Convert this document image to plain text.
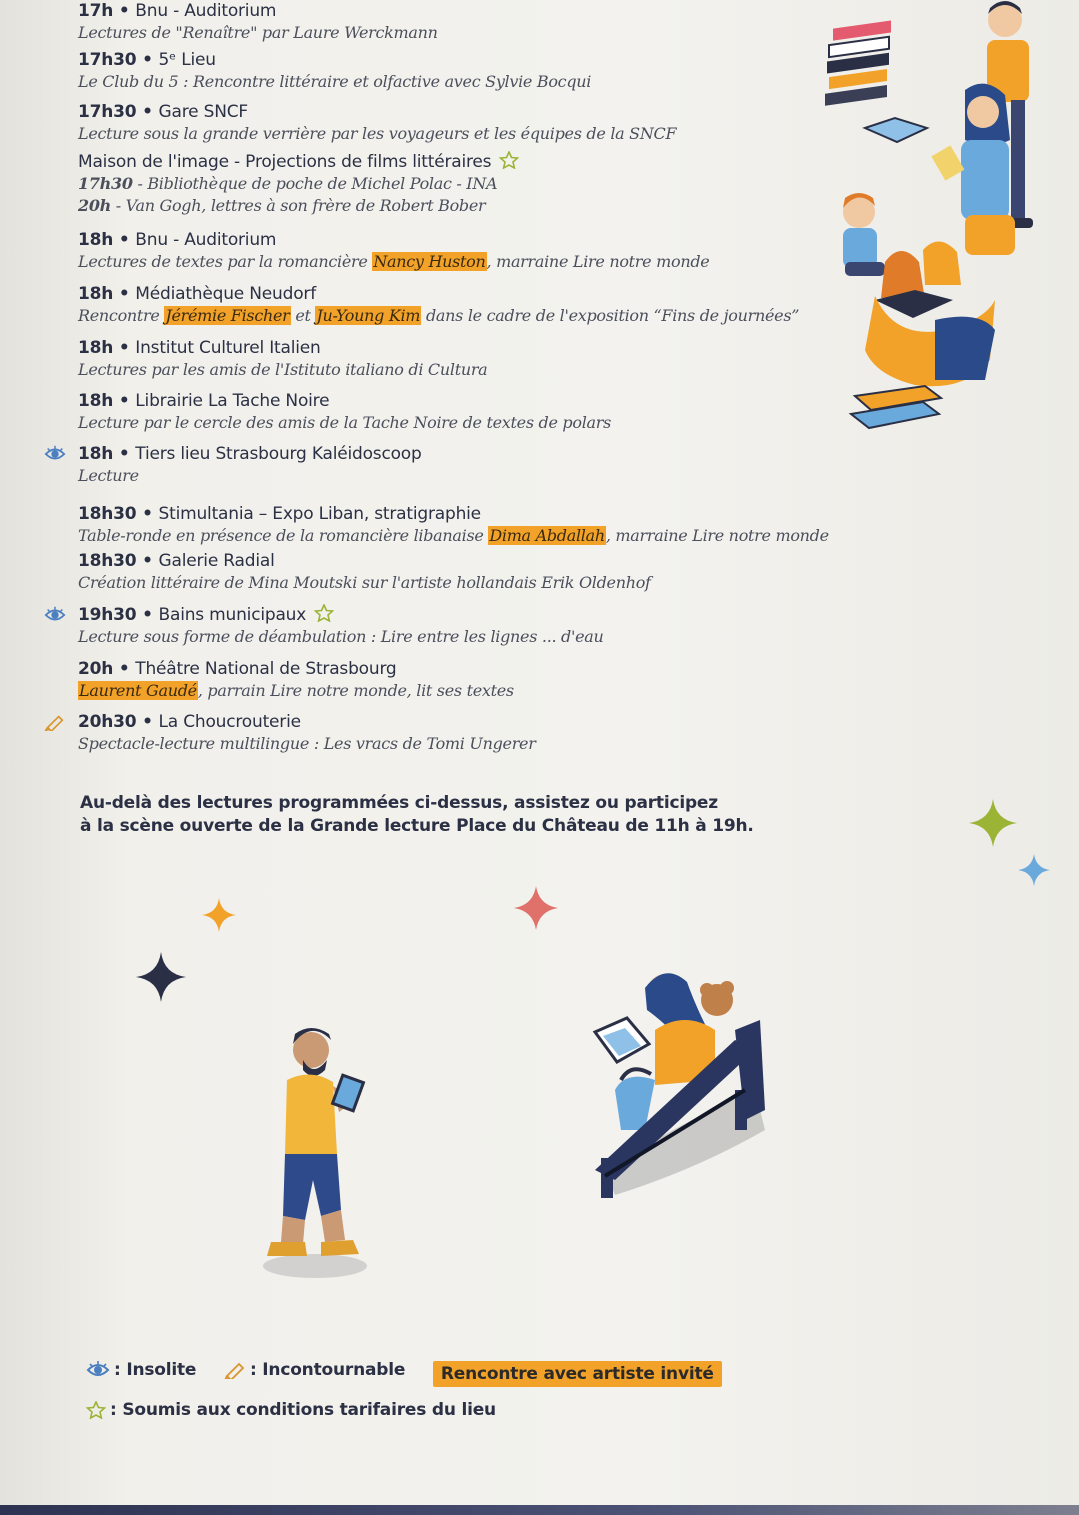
17h • Bnu - Auditorium
Lectures de "Renaître" par Laure Werckmann
17h30 • 5ᵉ Lieu
Le Club du 5 : Rencontre littéraire et olfactive avec Sylvie Bocqui
17h30 • Gare SNCF
Lecture sous la grande verrière par les voyageurs et les équipes de la SNCF
Maison de l'image - Projections de films littéraires
17h30 - Bibliothèque de poche de Michel Polac - INA
20h - Van Gogh, lettres à son frère de Robert Bober
18h • Bnu - Auditorium
Lectures de textes par la romancière Nancy Huston, marraine Lire notre monde
18h • Médiathèque Neudorf
Rencontre Jérémie Fischer et Ju-Young Kim dans le cadre de l'exposition “Fins de journées”
18h • Institut Culturel Italien
Lectures par les amis de l'Istituto italiano di Cultura
18h • Librairie La Tache Noire
Lecture par le cercle des amis de la Tache Noire de textes de polars
18h • Tiers lieu Strasbourg Kaléidoscoop
Lecture
18h30 • Stimultania – Expo Liban, stratigraphie
Table-ronde en présence de la romancière libanaise Dima Abdallah, marraine Lire notre monde
18h30 • Galerie Radial
Création littéraire de Mina Moutski sur l'artiste hollandais Erik Oldenhof
19h30 • Bains municipaux
Lecture sous forme de déambulation : Lire entre les lignes ... d'eau
20h • Théâtre National de Strasbourg
Laurent Gaudé, parrain Lire notre monde, lit ses textes
20h30 • La Choucrouterie
Spectacle-lecture multilingue : Les vracs de Tomi Ungerer
Au-delà des lectures programmées ci-dessus, assistez ou participez
à la scène ouverte de la Grande lecture Place du Château de 11h à 19h.
: Insolite
	: Incontournable Rencontre avec artiste invité
: Soumis aux conditions tarifaires du lieu
